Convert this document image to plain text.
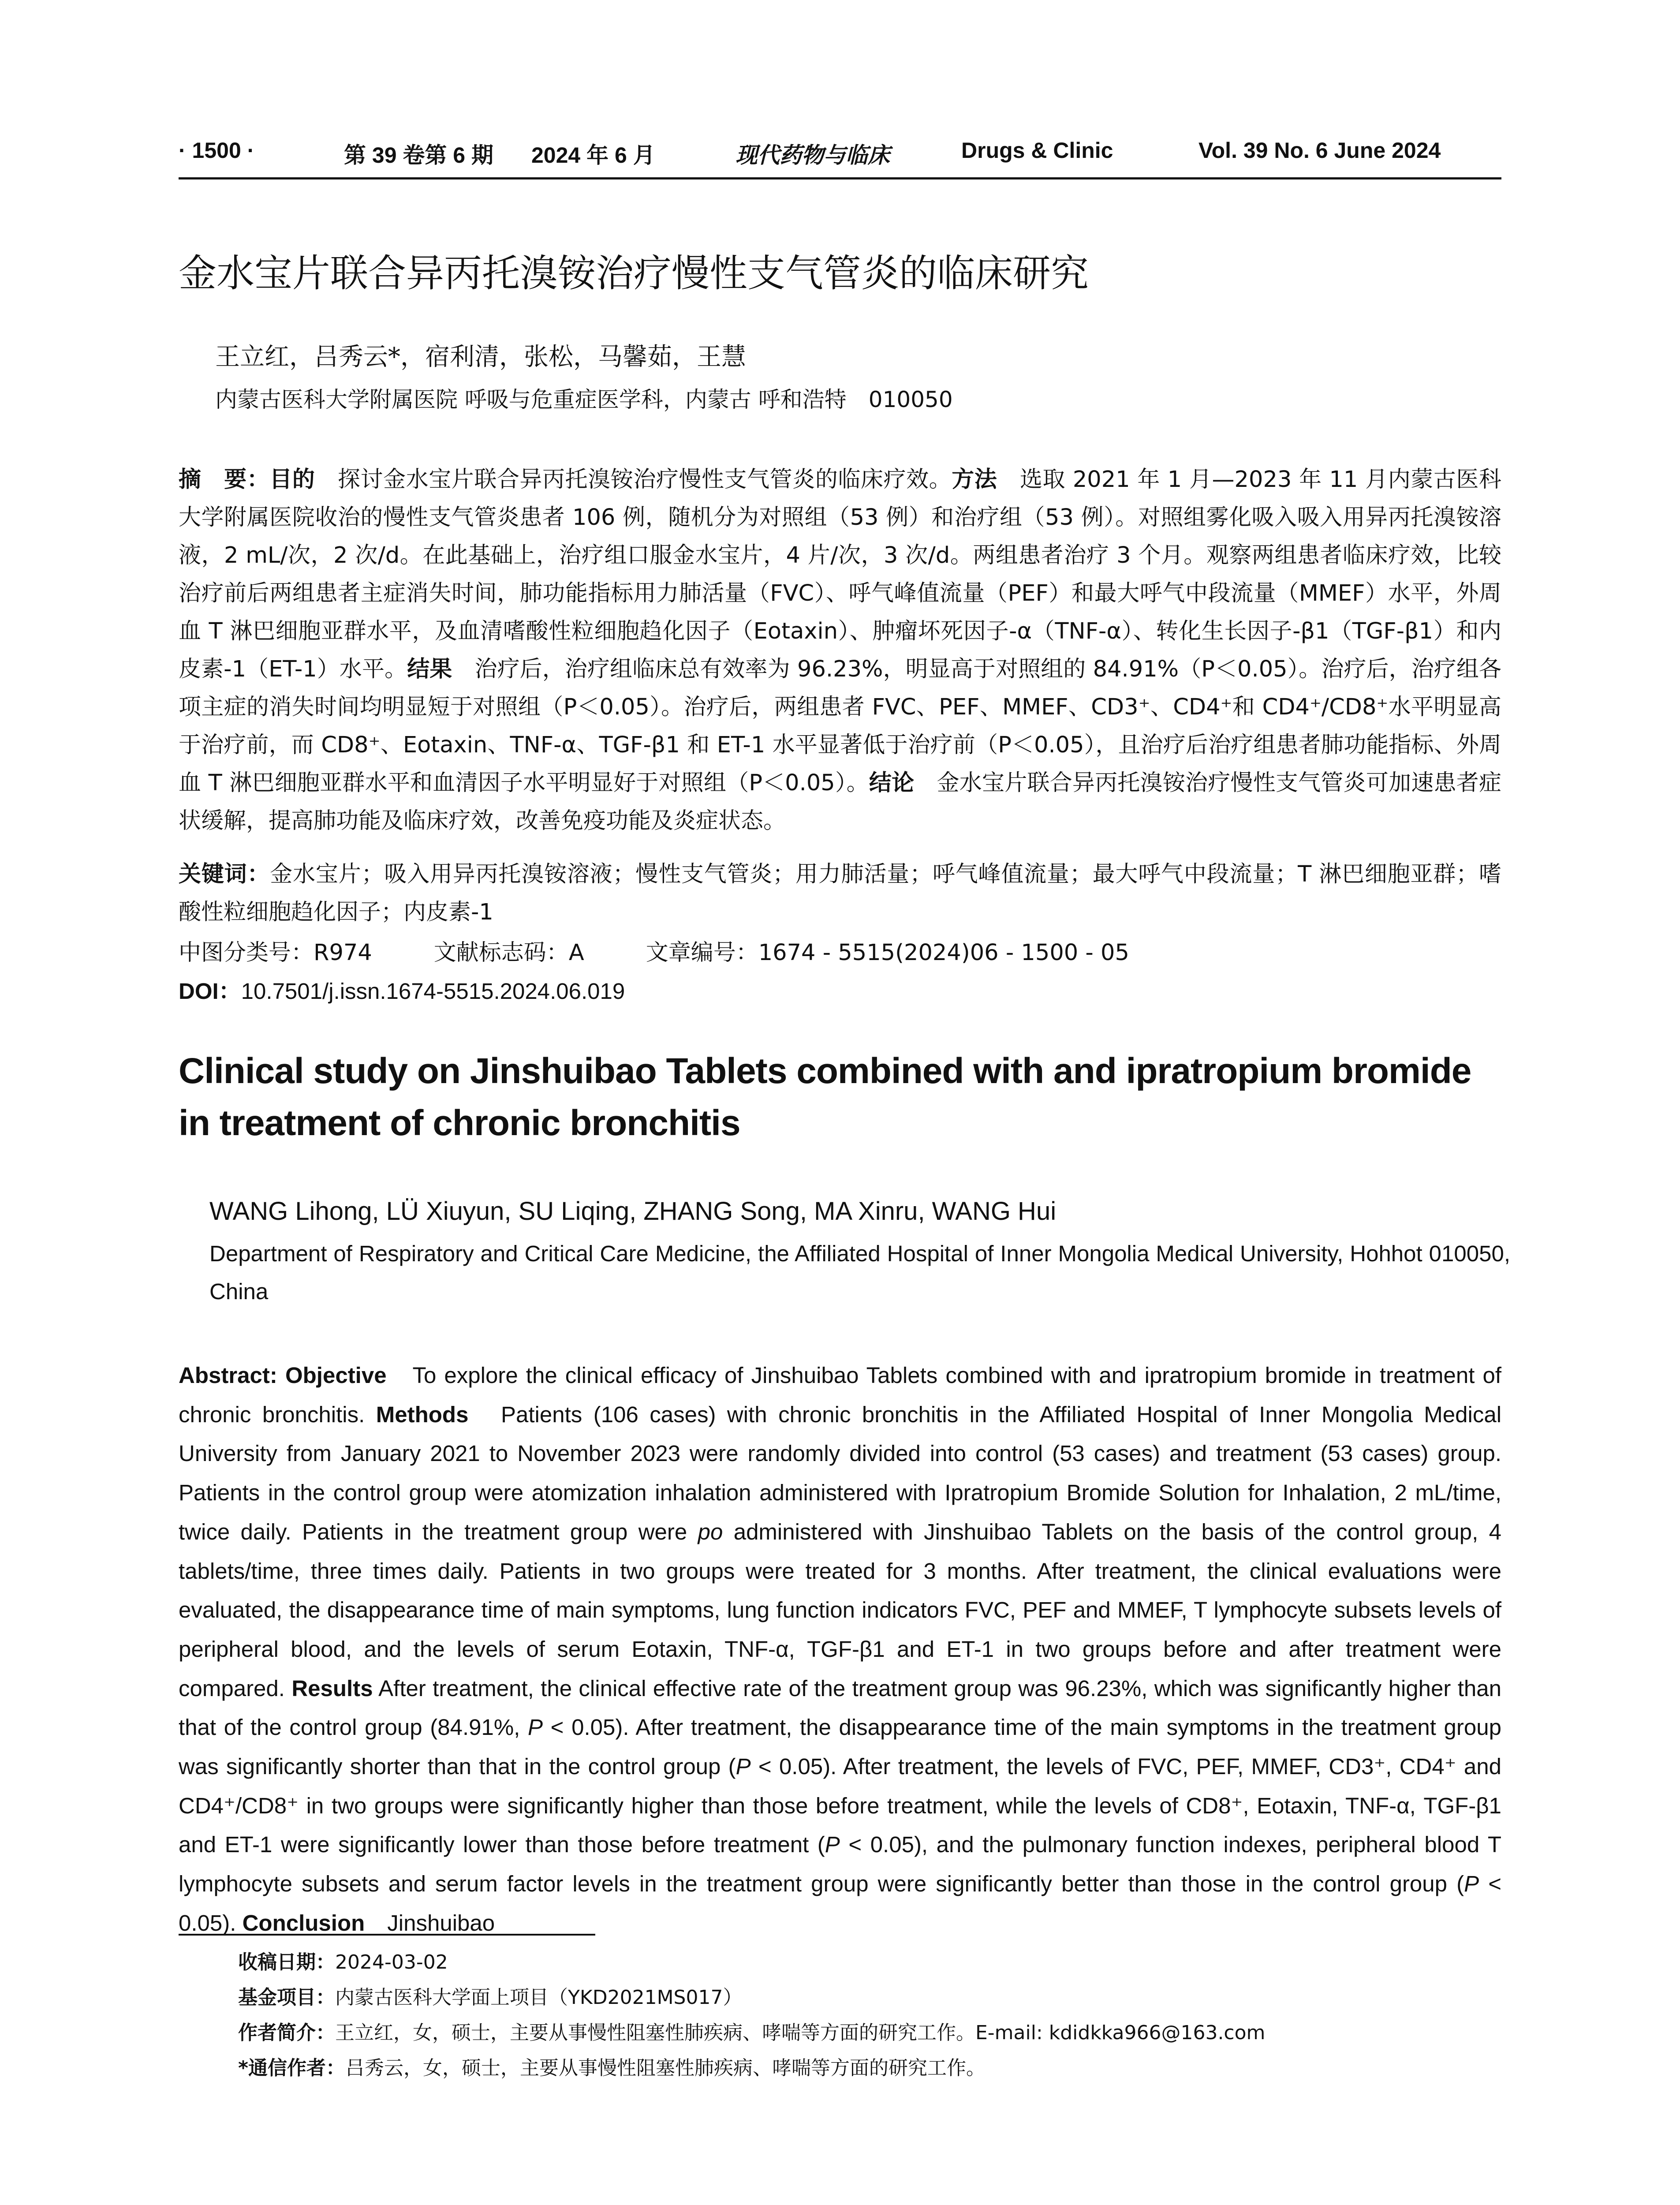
· 1500 ·	第 39 卷第 6 期 2024 年 6 月	现代药物与临床	Drugs & Clinic	Vol. 39 No. 6 June 2024
金水宝片联合异丙托溴铵治疗慢性支气管炎的临床研究
王立红，吕秀云*，宿利清，张松，马馨茹，王慧
内蒙古医科大学附属医院 呼吸与危重症医学科，内蒙古 呼和浩特　010050
摘　要：目的　探讨金水宝片联合异丙托溴铵治疗慢性支气管炎的临床疗效。方法　选取 2021 年 1 月—2023 年 11 月内蒙古医科大学附属医院收治的慢性支气管炎患者 106 例，随机分为对照组（53 例）和治疗组（53 例）。对照组雾化吸入吸入用异丙托溴铵溶液，2 mL/次，2 次/d。在此基础上，治疗组口服金水宝片，4 片/次，3 次/d。两组患者治疗 3 个月。观察两组患者临床疗效，比较治疗前后两组患者主症消失时间，肺功能指标用力肺活量（FVC）、呼气峰值流量（PEF）和最大呼气中段流量（MMEF）水平，外周血 T 淋巴细胞亚群水平，及血清嗜酸性粒细胞趋化因子（Eotaxin）、肿瘤坏死因子-α（TNF-α）、转化生长因子-β1（TGF-β1）和内皮素-1（ET-1）水平。结果　治疗后，治疗组临床总有效率为 96.23%，明显高于对照组的 84.91%（P＜0.05）。治疗后，治疗组各项主症的消失时间均明显短于对照组（P＜0.05）。治疗后，两组患者 FVC、PEF、MMEF、CD3⁺、CD4⁺和 CD4⁺/CD8⁺水平明显高于治疗前，而 CD8⁺、Eotaxin、TNF-α、TGF-β1 和 ET-1 水平显著低于治疗前（P＜0.05），且治疗后治疗组患者肺功能指标、外周血 T 淋巴细胞亚群水平和血清因子水平明显好于对照组（P＜0.05）。结论　金水宝片联合异丙托溴铵治疗慢性支气管炎可加速患者症状缓解，提高肺功能及临床疗效，改善免疫功能及炎症状态。
关键词：金水宝片；吸入用异丙托溴铵溶液；慢性支气管炎；用力肺活量；呼气峰值流量；最大呼气中段流量；T 淋巴细胞亚群；嗜酸性粒细胞趋化因子；内皮素-1
中图分类号：R974	文献标志码：A	文章编号：1674 - 5515(2024)06 - 1500 - 05
DOI：10.7501/j.issn.1674-5515.2024.06.019
Clinical study on Jinshuibao Tablets combined with and ipratropium bromide in treatment of chronic bronchitis
WANG Lihong, LÜ Xiuyun, SU Liqing, ZHANG Song, MA Xinru, WANG Hui
Department of Respiratory and Critical Care Medicine, the Affiliated Hospital of Inner Mongolia Medical University, Hohhot 010050, China
Abstract: Objective　To explore the clinical efficacy of Jinshuibao Tablets combined with and ipratropium bromide in treatment of chronic bronchitis. Methods　Patients (106 cases) with chronic bronchitis in the Affiliated Hospital of Inner Mongolia Medical University from January 2021 to November 2023 were randomly divided into control (53 cases) and treatment (53 cases) group. Patients in the control group were atomization inhalation administered with Ipratropium Bromide Solution for Inhalation, 2 mL/time, twice daily. Patients in the treatment group were po administered with Jinshuibao Tablets on the basis of the control group, 4 tablets/time, three times daily. Patients in two groups were treated for 3 months. After treatment, the clinical evaluations were evaluated, the disappearance time of main symptoms, lung function indicators FVC, PEF and MMEF, T lymphocyte subsets levels of peripheral blood, and the levels of serum Eotaxin, TNF-α, TGF-β1 and ET-1 in two groups before and after treatment were compared. Results After treatment, the clinical effective rate of the treatment group was 96.23%, which was significantly higher than that of the control group (84.91%, P < 0.05). After treatment, the disappearance time of the main symptoms in the treatment group was significantly shorter than that in the control group (P < 0.05). After treatment, the levels of FVC, PEF, MMEF, CD3⁺, CD4⁺ and CD4⁺/CD8⁺ in two groups were significantly higher than those before treatment, while the levels of CD8⁺, Eotaxin, TNF-α, TGF-β1 and ET-1 were significantly lower than those before treatment (P < 0.05), and the pulmonary function indexes, peripheral blood T lymphocyte subsets and serum factor levels in the treatment group were significantly better than those in the control group (P < 0.05). Conclusion　Jinshuibao
收稿日期：2024-03-02
基金项目：内蒙古医科大学面上项目（YKD2021MS017）
作者简介：王立红，女，硕士，主要从事慢性阻塞性肺疾病、哮喘等方面的研究工作。E-mail: kdidkka966@163.com
*通信作者：吕秀云，女，硕士，主要从事慢性阻塞性肺疾病、哮喘等方面的研究工作。
